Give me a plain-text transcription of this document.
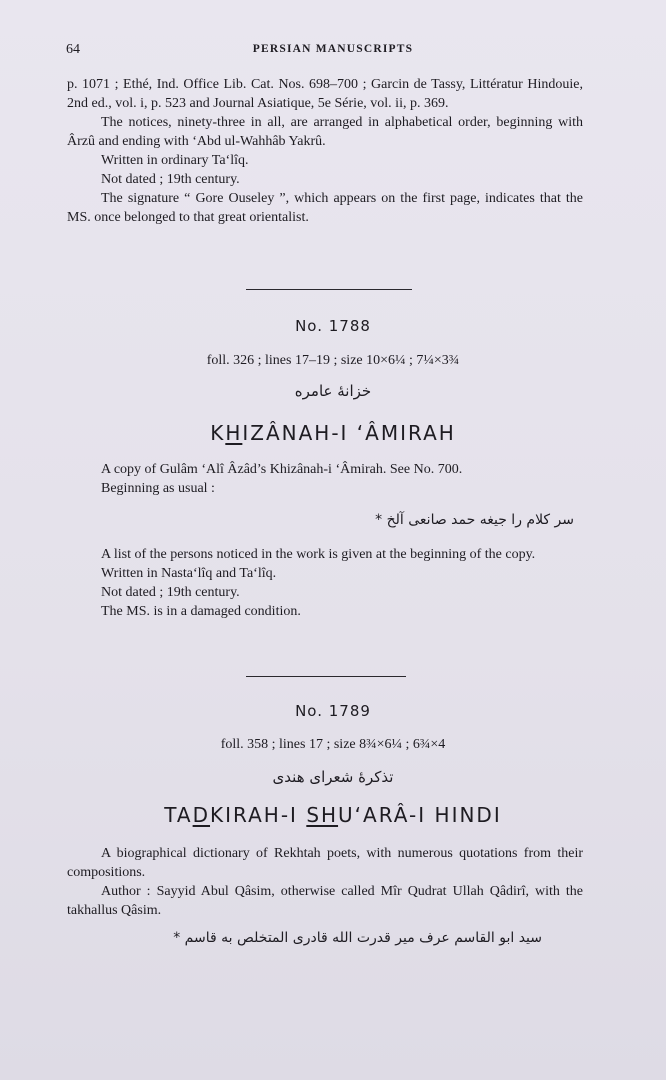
64	PERSIAN MANUSCRIPTS

p. 1071 ; Ethé, Ind. Office Lib. Cat. Nos. 698–700 ; Garcin de Tassy, Littératur Hindouie, 2nd ed., vol. i, p. 523 and Journal Asiatique, 5e Série, vol. ii, p. 369.

The notices, ninety-three in all, are arranged in alphabetical order, beginning with Ârzû and ending with ‘Abd ul-Wahhâb Yakrû.

Written in ordinary Ta‘lîq.

Not dated ; 19th century.

The signature “ Gore Ouseley ”, which appears on the first page, indicates that the MS. once belonged to that great orientalist.

No. 1788
foll. 326 ; lines 17–19 ; size 10×6¼ ; 7¼×3¾
خزانهٔ عامره
KHIZÂNAH-I ‘ÂMIRAH

A copy of Gulâm ‘Alî Âzâd’s Khizânah-i ‘Âmirah. See No. 700.

Beginning as usual :

سر کلام را جیغه حمد صانعی آلخ *

A list of the persons noticed in the work is given at the beginning of the copy.

Written in Nasta‘lîq and Ta‘lîq.

Not dated ; 19th century.

The MS. is in a damaged condition.

No. 1789
foll. 358 ; lines 17 ; size 8¾×6¼ ; 6¾×4
تذکرهٔ شعرای هندی
TADKIRAH-I SHU‘ARÂ-I HINDI

A biographical dictionary of Rekhtah poets, with numerous quotations from their compositions.

Author : Sayyid Abul Qâsim, otherwise called Mîr Qudrat Ullah Qâdirî, with the takhallus Qâsim.

سید ابو القاسم عرف میر قدرت الله قادری المتخلص به قاسم *
